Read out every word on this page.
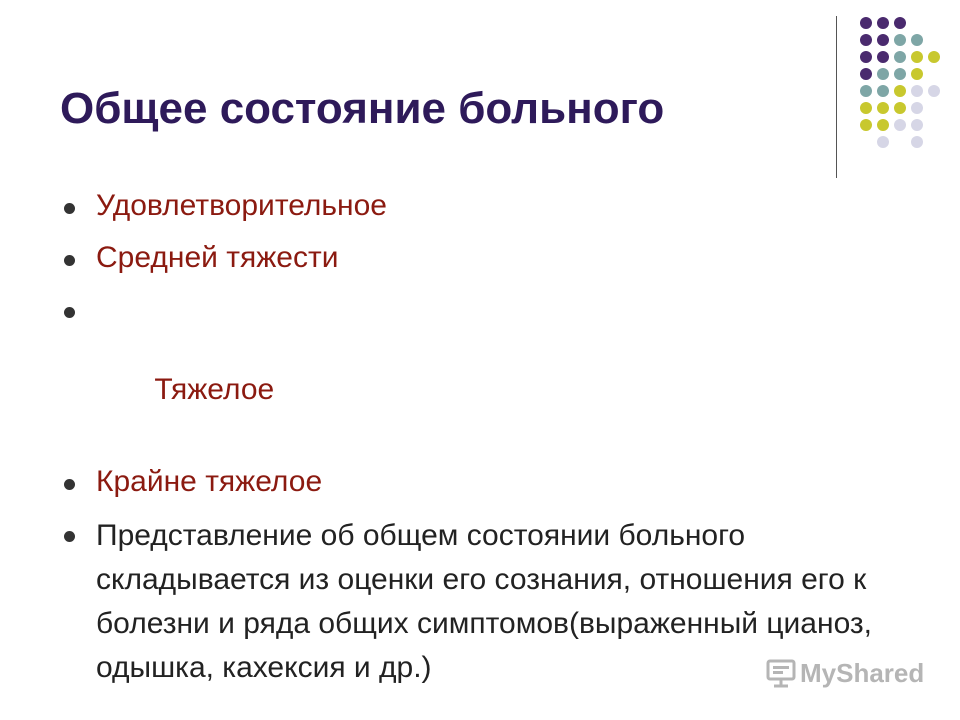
Общее состояние больного
Удовлетворительное
Средней тяжести

Тяжелое

Крайне тяжелое
Представление об общем состоянии больного складывается из оценки его сознания, отношения его к болезни и ряда общих симптомов(выраженный цианоз, одышка, кахексия и др.)	MyShared
